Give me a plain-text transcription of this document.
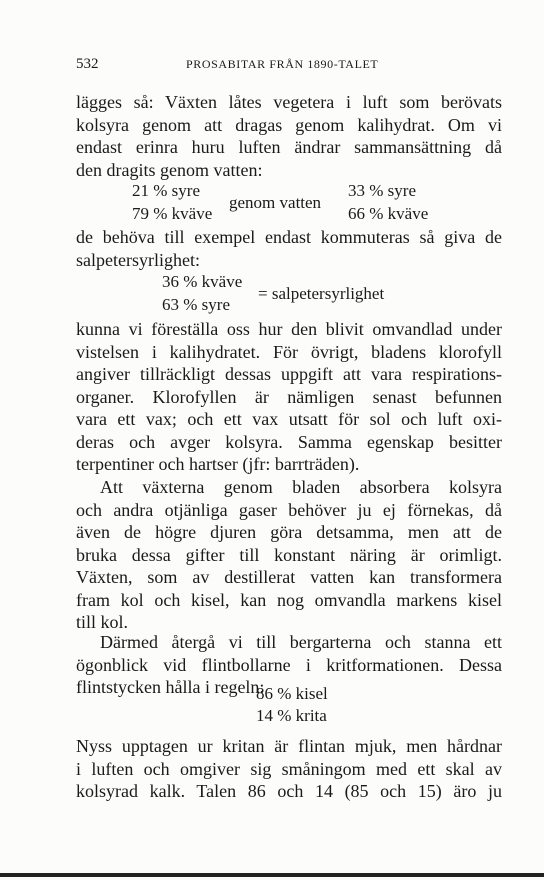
532	PROSABITAR FRÅN 1890-TALET
lägges så: Växten låtes vegetera i luft som berövats
kolsyra genom att dragas genom kalihydrat. Om vi
endast erinra huru luften ändrar sammansättning då
den dragits genom vatten:
21 % syre
79 % kväve
genom vatten
33 % syre
66 % kväve
de behöva till exempel endast kommuteras så giva de
salpetersyrlighet:
36 % kväve
63 % syre
= salpetersyrlighet
kunna vi föreställa oss hur den blivit omvandlad under
vistelsen i kalihydratet. För övrigt, bladens klorofyll
angiver tillräckligt dessas uppgift att vara respirations-
organer. Klorofyllen är nämligen senast befunnen
vara ett vax; och ett vax utsatt för sol och luft oxi-
deras och avger kolsyra. Samma egenskap besitter
terpentiner och hartser (jfr: barrträden).
Att växterna genom bladen absorbera kolsyra
och andra otjänliga gaser behöver ju ej förnekas, då
även de högre djuren göra detsamma, men att de
bruka dessa gifter till konstant näring är orimligt.
Växten, som av destillerat vatten kan transformera
fram kol och kisel, kan nog omvandla markens kisel
till kol.
Därmed återgå vi till bergarterna och stanna ett
ögonblick vid flintbollarne i kritformationen. Dessa
flintstycken hålla i regeln:
86 % kisel
14 % krita
Nyss upptagen ur kritan är flintan mjuk, men hårdnar
i luften och omgiver sig småningom med ett skal av
kolsyrad kalk. Talen 86 och 14 (85 och 15) äro ju
